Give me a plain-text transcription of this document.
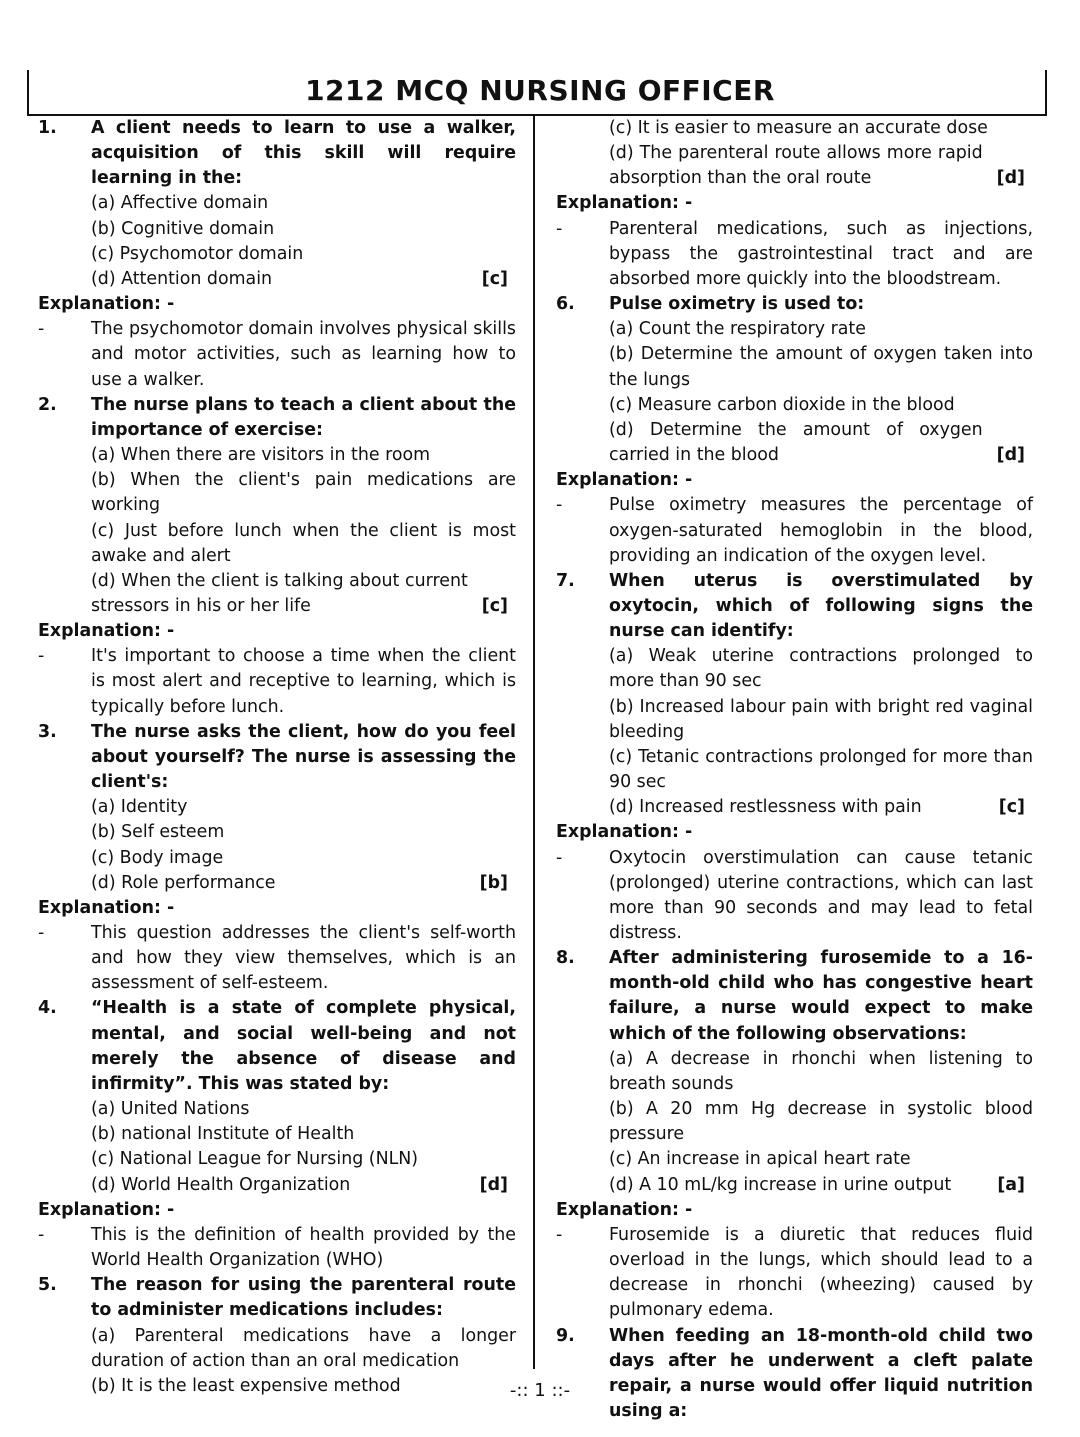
1212 MCQ NURSING OFFICER
1.	A client needs to learn to use a walker, acquisition of this skill will require learning in the:
(a) Affective domain
(b) Cognitive domain
(c) Psychomotor domain
(d) Attention domain	[c]
Explanation: -
-	The psychomotor domain involves physical skills and motor activities, such as learning how to use a walker.
2.	The nurse plans to teach a client about the importance of exercise:
(a) When there are visitors in the room
(b) When the client's pain medications are working
(c) Just before lunch when the client is most awake and alert
(d) When the client is talking about current stressors in his or her life	[c]
Explanation: -
-	It's important to choose a time when the client is most alert and receptive to learning, which is typically before lunch.
3.	The nurse asks the client, how do you feel about yourself? The nurse is assessing the client's:
(a) Identity
(b) Self esteem
(c) Body image
(d) Role performance	[b]
Explanation: -
-	This question addresses the client's self-worth and how they view themselves, which is an assessment of self-esteem.
4.	“Health is a state of complete physical, mental, and social well-being and not merely the absence of disease and infirmity”. This was stated by:
(a) United Nations
(b) national Institute of Health
(c) National League for Nursing (NLN)
(d) World Health Organization	[d]
Explanation: -
-	This is the definition of health provided by the World Health Organization (WHO)
5.	The reason for using the parenteral route to administer medications includes:
(a) Parenteral medications have a longer duration of action than an oral medication
(b) It is the least expensive method
(c) It is easier to measure an accurate dose
(d) The parenteral route allows more rapid absorption than the oral route	[d]
Explanation: -
-	Parenteral medications, such as injections, bypass the gastrointestinal tract and are absorbed more quickly into the bloodstream.
6.	Pulse oximetry is used to:
(a) Count the respiratory rate
(b) Determine the amount of oxygen taken into the lungs
(c) Measure carbon dioxide in the blood
(d) Determine the amount of oxygen carried in the blood	[d]
Explanation: -
-	Pulse oximetry measures the percentage of oxygen-saturated hemoglobin in the blood, providing an indication of the oxygen level.
7.	When uterus is overstimulated by oxytocin, which of following signs the nurse can identify:
(a) Weak uterine contractions prolonged to more than 90 sec
(b) Increased labour pain with bright red vaginal bleeding
(c) Tetanic contractions prolonged for more than 90 sec
(d) Increased restlessness with pain	[c]
Explanation: -
-	Oxytocin overstimulation can cause tetanic (prolonged) uterine contractions, which can last more than 90 seconds and may lead to fetal distress.
8.	After administering furosemide to a 16-month-old child who has congestive heart failure, a nurse would expect to make which of the following observations:
(a) A decrease in rhonchi when listening to breath sounds
(b) A 20 mm Hg decrease in systolic blood pressure
(c) An increase in apical heart rate
(d) A 10 mL/kg increase in urine output	[a]
Explanation: -
-	Furosemide is a diuretic that reduces fluid overload in the lungs, which should lead to a decrease in rhonchi (wheezing) caused by pulmonary edema.
9.	When feeding an 18-month-old child two days after he underwent a cleft palate repair, a nurse would offer liquid nutrition using a:
-:: 1 ::-
